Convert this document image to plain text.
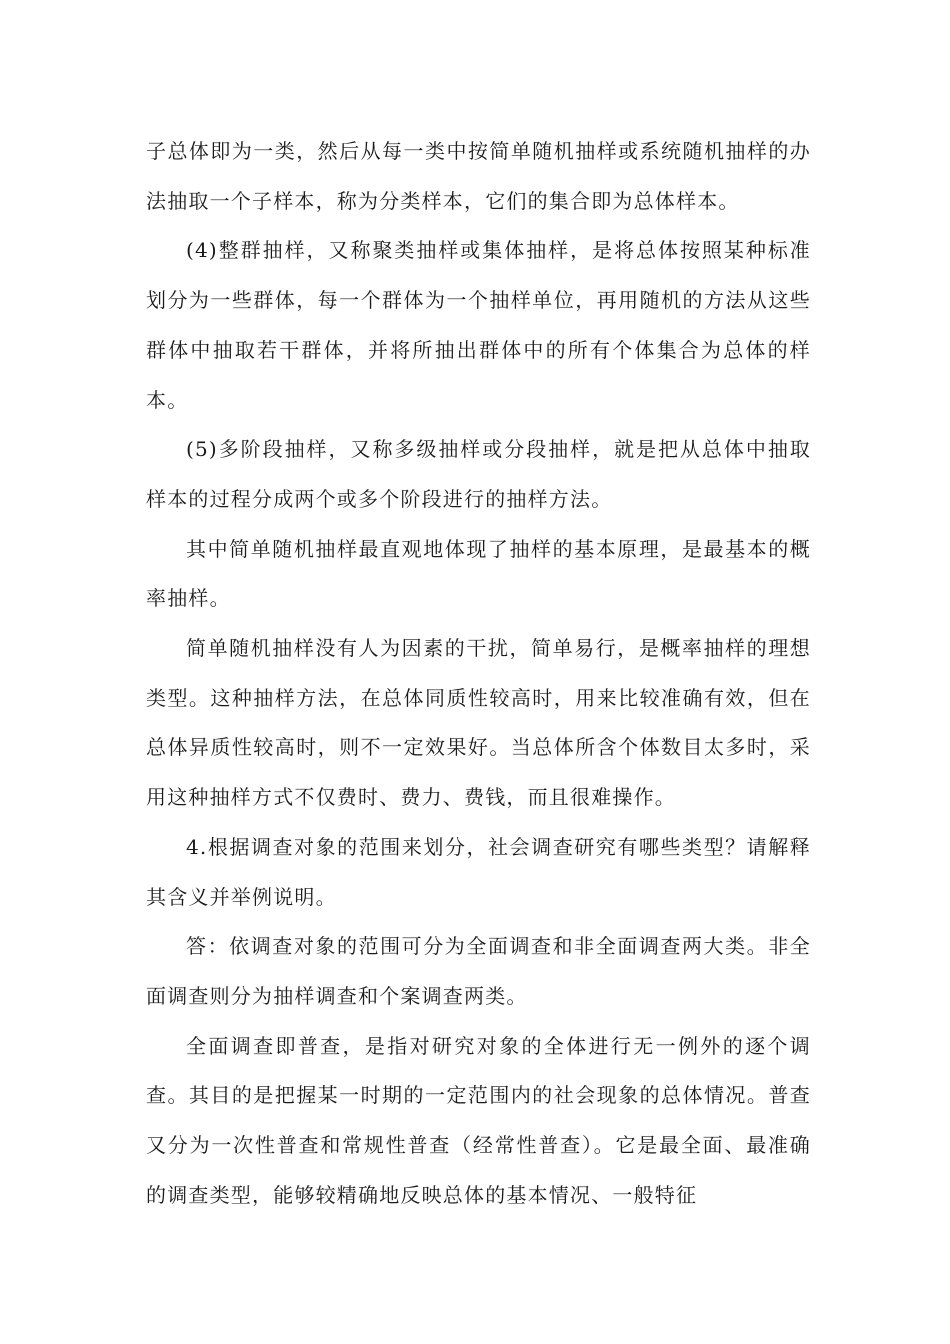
子总体即为一类，然后从每一类中按简单随机抽样或系统随机抽样的办法抽取一个子样本，称为分类样本，它们的集合即为总体样本。

(4)整群抽样，又称聚类抽样或集体抽样，是将总体按照某种标准划分为一些群体，每一个群体为一个抽样单位，再用随机的方法从这些群体中抽取若干群体，并将所抽出群体中的所有个体集合为总体的样本。

(5)多阶段抽样，又称多级抽样或分段抽样，就是把从总体中抽取样本的过程分成两个或多个阶段进行的抽样方法。

其中简单随机抽样最直观地体现了抽样的基本原理，是最基本的概率抽样。

简单随机抽样没有人为因素的干扰，简单易行，是概率抽样的理想类型。这种抽样方法，在总体同质性较高时，用来比较准确有效，但在总体异质性较高时，则不一定效果好。当总体所含个体数目太多时，采用这种抽样方式不仅费时、费力、费钱，而且很难操作。

4.根据调查对象的范围来划分，社会调查研究有哪些类型？请解释其含义并举例说明。

答：依调查对象的范围可分为全面调查和非全面调查两大类。非全面调查则分为抽样调查和个案调查两类。

全面调查即普查，是指对研究对象的全体进行无一例外的逐个调查。其目的是把握某一时期的一定范围内的社会现象的总体情况。普查又分为一次性普查和常规性普查（经常性普查）。它是最全面、最准确的调查类型，能够较精确地反映总体的基本情况、一般特征
